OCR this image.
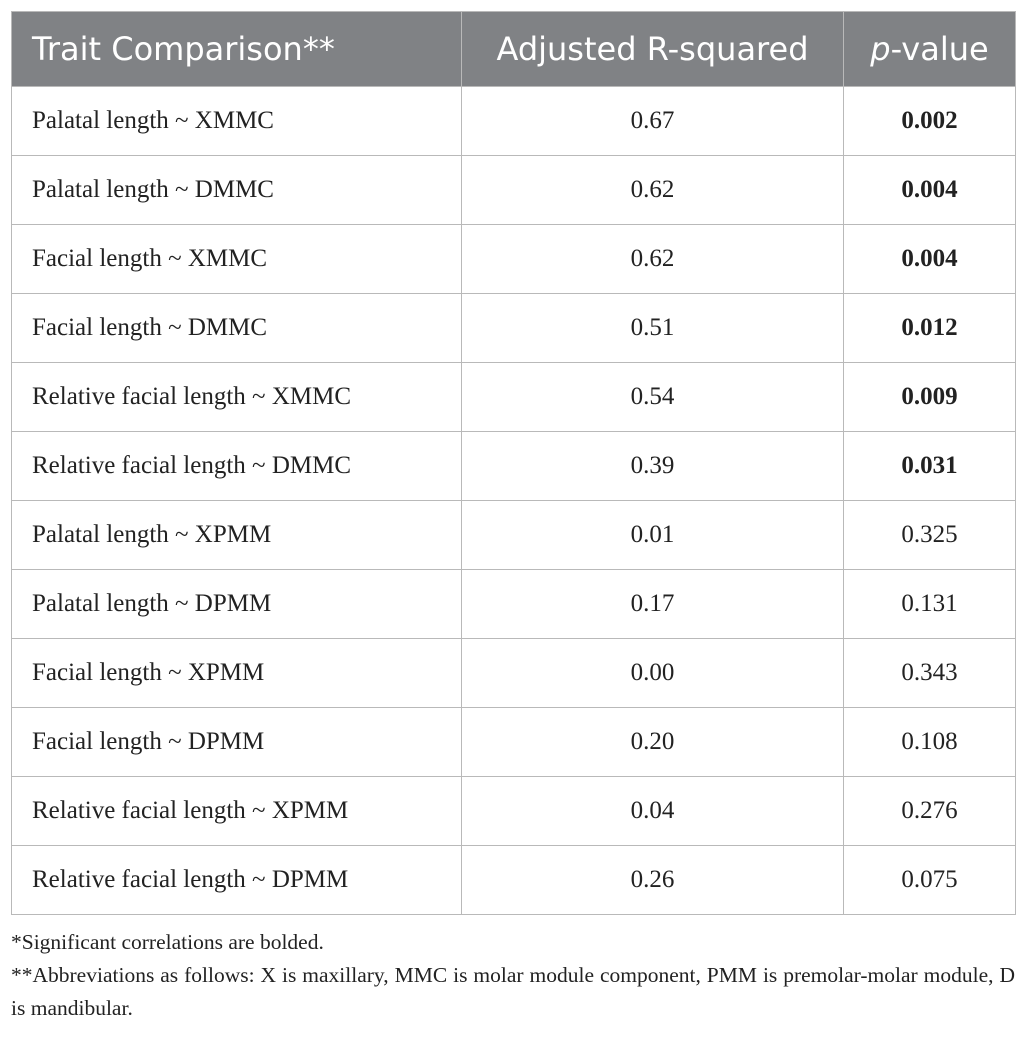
Trait Comparison**	Adjusted R-squared	p-value
Palatal length ~ XMMC	0.67	0.002
Palatal length ~ DMMC	0.62	0.004
Facial length ~ XMMC	0.62	0.004
Facial length ~ DMMC	0.51	0.012
Relative facial length ~ XMMC	0.54	0.009
Relative facial length ~ DMMC	0.39	0.031
Palatal length ~ XPMM	0.01	0.325
Palatal length ~ DPMM	0.17	0.131
Facial length ~ XPMM	0.00	0.343
Facial length ~ DPMM	0.20	0.108
Relative facial length ~ XPMM	0.04	0.276
Relative facial length ~ DPMM	0.26	0.075

*Significant correlations are bolded.

**Abbreviations as follows: X is maxillary, MMC is molar module component, PMM is premolar-molar module, D is mandibular.
